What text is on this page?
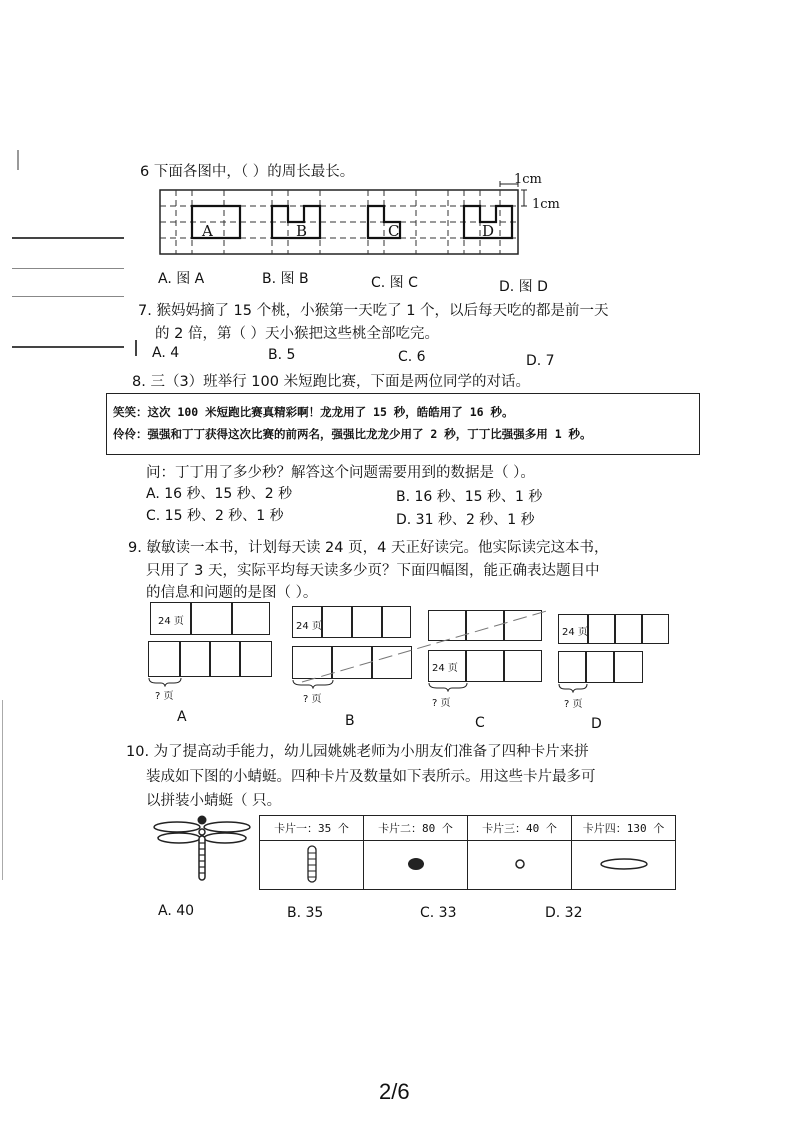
6 下面各图中，（ ）的周长最长。	1cm
1cm
A	B	C	D
A. 图 A	B. 图 B	C. 图 C	D. 图 D
7. 猴妈妈摘了 15 个桃，小猴第一天吃了 1 个，以后每天吃的都是前一天
的 2 倍，第（ ）天小猴把这些桃全部吃完。
A. 4	B. 5	C. 6	D. 7
8. 三（3）班举行 100 米短跑比赛，下面是两位同学的对话。
笑笑：这次 100 米短跑比赛真精彩啊！龙龙用了 15 秒，皓皓用了 16 秒。
伶伶：强强和丁丁获得这次比赛的前两名，强强比龙龙少用了 2 秒，丁丁比强强多用 1 秒。
问：丁丁用了多少秒？解答这个问题需要用到的数据是（ ）。
A. 16 秒、15 秒、2 秒	B. 16 秒、15 秒、1 秒
C. 15 秒、2 秒、1 秒	D. 31 秒、2 秒、1 秒
9. 敏敏读一本书，计划每天读 24 页，4 天正好读完。他实际读完这本书，
只用了 3 天，实际平均每天读多少页？下面四幅图，能正确表达题目中
的信息和问题的是图（ ）。
24 页
? 页
A
24 页
? 页
B
24 页
? 页
C
24 页
? 页
D
10. 为了提高动手能力，幼儿园姚姚老师为小朋友们准备了四种卡片来拼
装成如下图的小蜻蜓。四种卡片及数量如下表所示。用这些卡片最多可
以拼装小蜻蜓（ 只。
卡片一：35 个	卡片二：80 个	卡片三：40 个	卡片四：130 个

A. 40	B. 35	C. 33	D. 32
2/6
